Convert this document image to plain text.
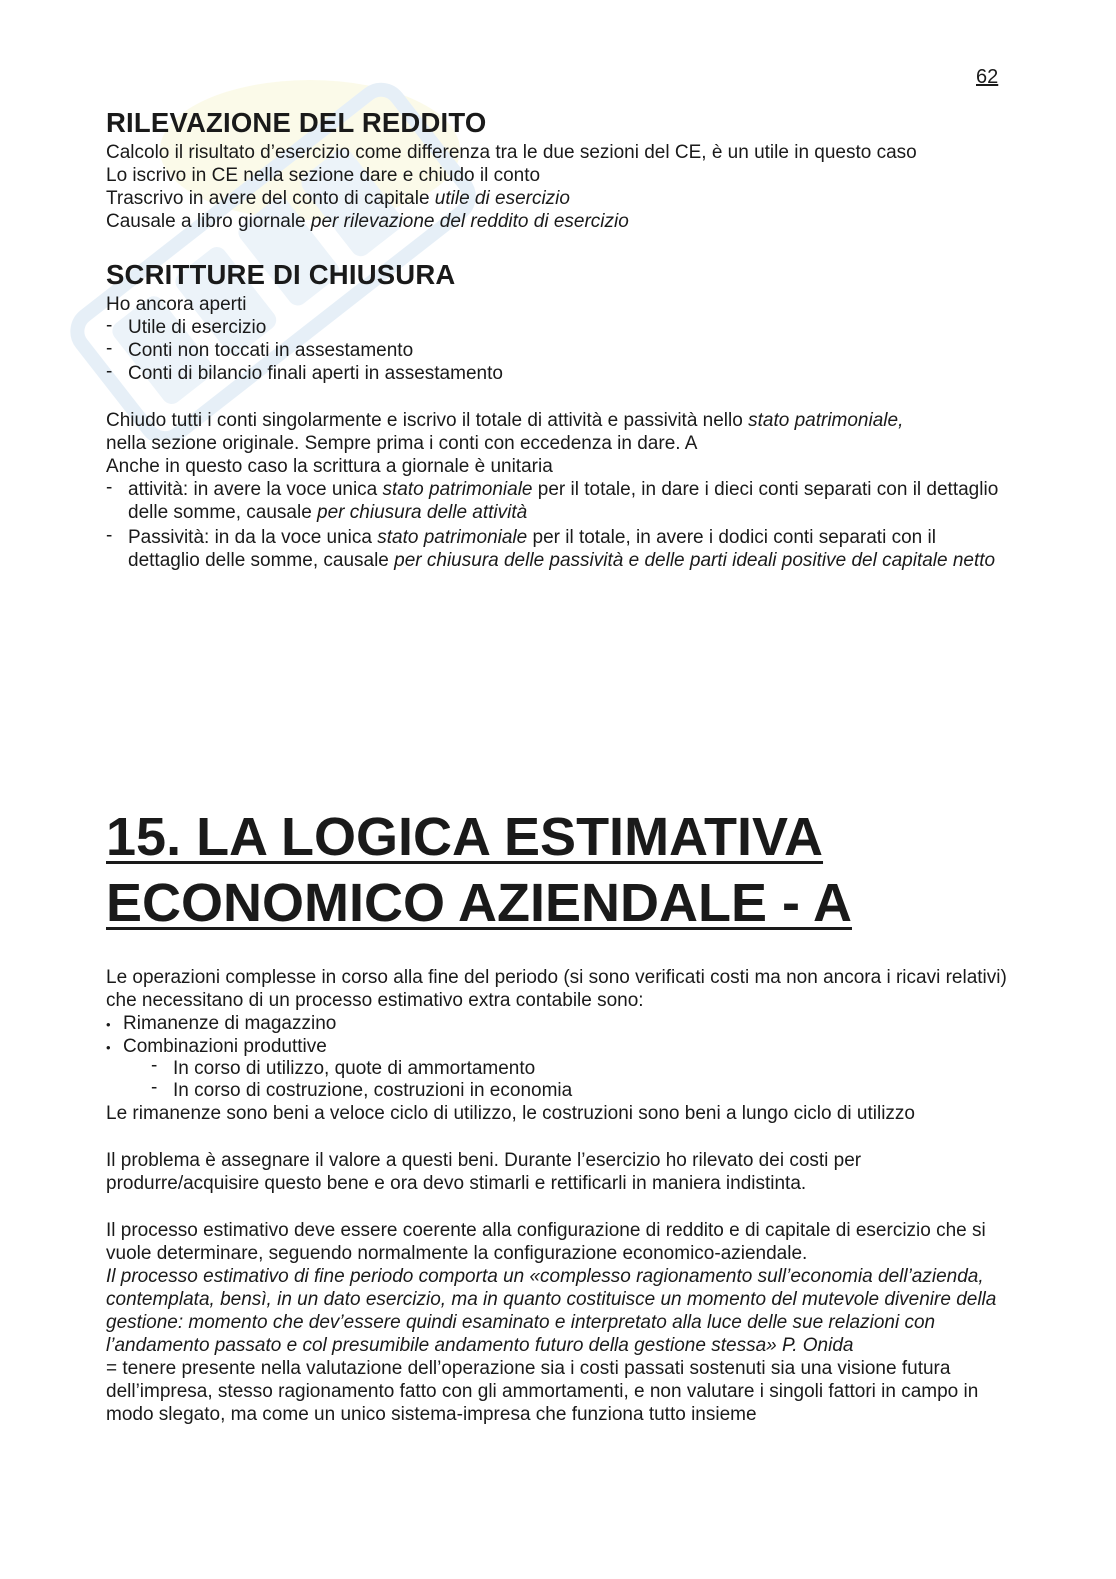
62
RILEVAZIONE DEL REDDITO

Calcolo il risultato d’esercizio come differenza tra le due sezioni del CE, è un utile in questo caso

Lo iscrivo in CE nella sezione dare e chiudo il conto

Trascrivo in avere del conto di capitale utile di esercizio

Causale a libro giornale per rilevazione del reddito di esercizio

SCRITTURE DI CHIUSURA

Ho ancora aperti

- Utile di esercizio
- Conti non toccati in assestamento
- Conti di bilancio finali aperti in assestamento

Chiudo tutti i conti singolarmente e iscrivo il totale di attività e passività nello stato patrimoniale,
nella sezione originale. Sempre prima i conti con eccedenza in dare. A

Anche in questo caso la scrittura a giornale è unitaria

- attività: in avere la voce unica stato patrimoniale per il totale, in dare i dieci conti separati con il dettaglio delle somme, causale per chiusura delle attività
- Passività: in da la voce unica stato patrimoniale per il totale, in avere i dodici conti separati con il dettaglio delle somme, causale per chiusura delle passività e delle parti ideali positive del capitale netto
15. LA LOGICA ESTIMATIVA
ECONOMICO AZIENDALE - A

Le operazioni complesse in corso alla fine del periodo (si sono verificati costi ma non ancora i ricavi relativi) che necessitano di un processo estimativo extra contabile sono:

• Rimanenze di magazzino
• Combinazioni produttive
- In corso di utilizzo, quote di ammortamento
- In corso di costruzione, costruzioni in economia

Le rimanenze sono beni a veloce ciclo di utilizzo, le costruzioni sono beni a lungo ciclo di utilizzo

Il problema è assegnare il valore a questi beni. Durante l’esercizio ho rilevato dei costi per produrre/acquisire questo bene e ora devo stimarli e rettificarli in maniera indistinta.

Il processo estimativo deve essere coerente alla configurazione di reddito e di capitale di esercizio che si vuole determinare, seguendo normalmente la configurazione economico-aziendale.

Il processo estimativo di fine periodo comporta un «complesso ragionamento sull’economia dell’azienda, contemplata, bensì, in un dato esercizio, ma in quanto costituisce un momento del mutevole divenire della gestione: momento che dev’essere quindi esaminato e interpretato alla luce delle sue relazioni con l’andamento passato e col presumibile andamento futuro della gestione stessa» P. Onida

= tenere presente nella valutazione dell’operazione sia i costi passati sostenuti sia una visione futura dell’impresa, stesso ragionamento fatto con gli ammortamenti, e non valutare i singoli fattori in campo in modo slegato, ma come un unico sistema-impresa che funziona tutto insieme
